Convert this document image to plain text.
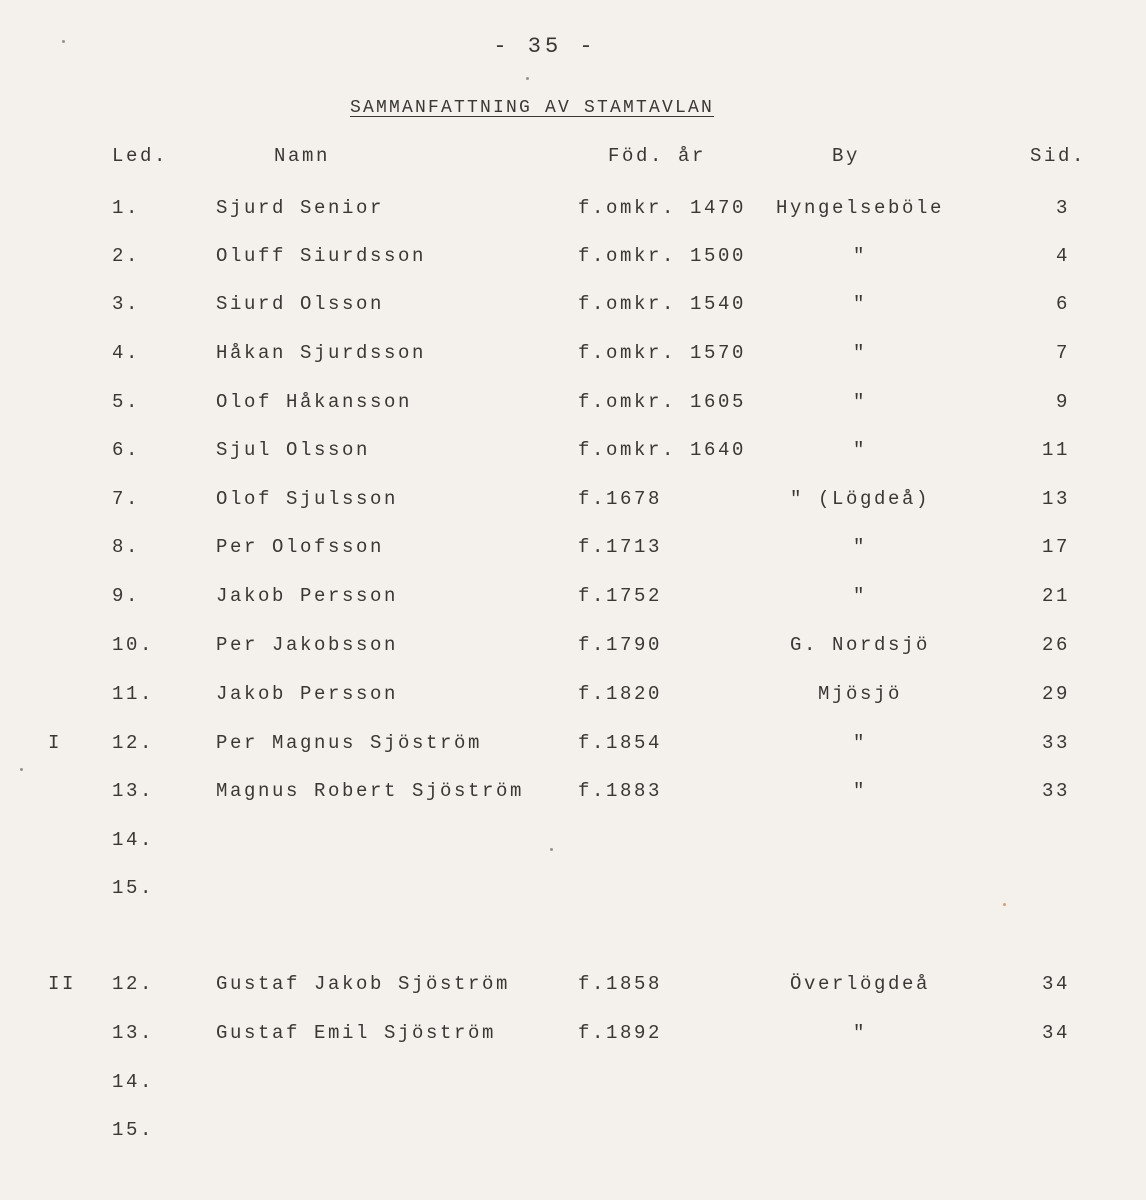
- 35 -
SAMMANFATTNING AV STAMTAVLAN
Led.	Namn	Föd. år	By	Sid.
1.	Sjurd Senior	f.omkr. 1470	Hyngelseböle	3
2.	Oluff Siurdsson	f.omkr. 1500	"	4
3.	Siurd Olsson	f.omkr. 1540	"	6
4.	Håkan Sjurdsson	f.omkr. 1570	"	7
5.	Olof Håkansson	f.omkr. 1605	"	9
6.	Sjul Olsson	f.omkr. 1640	"	11
7.	Olof Sjulsson	f.1678	" (Lögdeå)	13
8.	Per Olofsson	f.1713	"	17
9.	Jakob Persson	f.1752	"	21
10.	Per Jakobsson	f.1790	G. Nordsjö	26
11.	Jakob Persson	f.1820	Mjösjö	29
I	12.	Per Magnus Sjöström	f.1854	"	33
13.	Magnus Robert Sjöström	f.1883	"	33
14.
15.
II 12.	Gustaf Jakob Sjöström	f.1858	Överlögdeå	34
13.	Gustaf Emil Sjöström	f.1892	"	34
14.
15.
